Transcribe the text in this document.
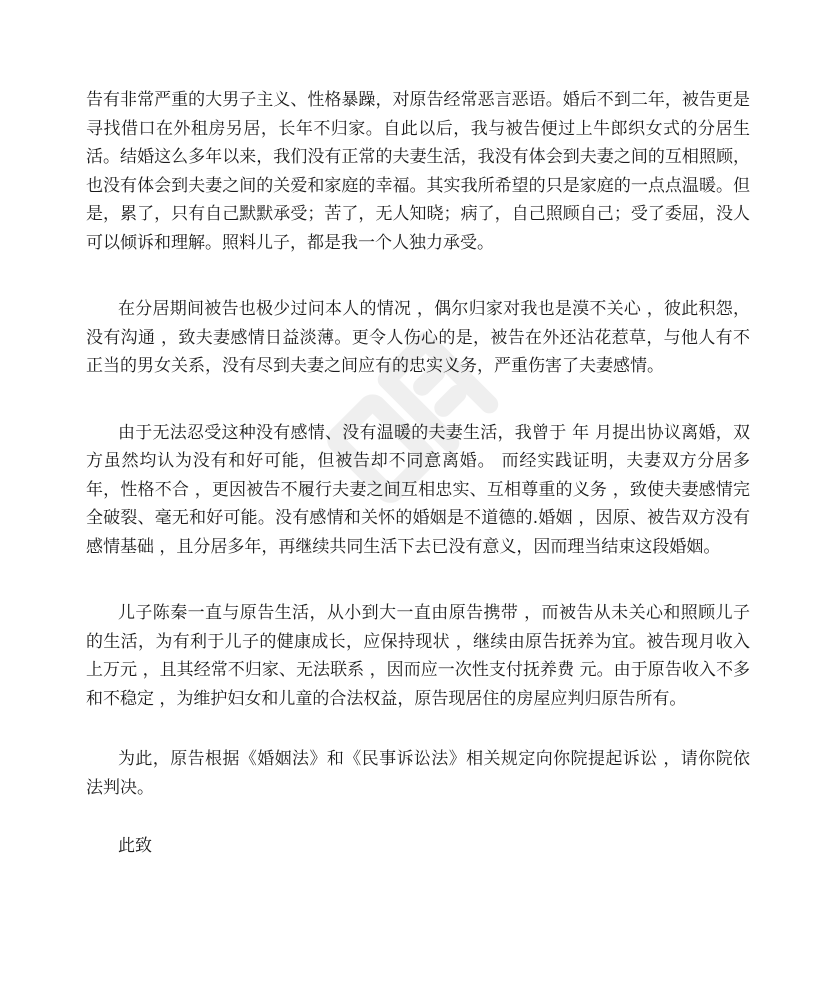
告有非常严重的大男子主义、性格暴躁，对原告经常恶言恶语。婚后不到二年，被告更是寻找借口在外租房另居，长年不归家。自此以后，我与被告便过上牛郎织女式的分居生活。结婚这么多年以来，我们没有正常的夫妻生活，我没有体会到夫妻之间的互相照顾，也没有体会到夫妻之间的关爱和家庭的幸福。其实我所希望的只是家庭的一点点温暖。但是，累了，只有自己默默承受；苦了，无人知晓；病了，自己照顾自己；受了委屈，没人可以倾诉和理解。照料儿子，都是我一个人独力承受。

在分居期间被告也极少过问本人的情况 ，偶尔归家对我也是漠不关心 ，彼此积怨，没有沟通 ，致夫妻感情日益淡薄。更令人伤心的是，被告在外还沾花惹草，与他人有不正当的男女关系，没有尽到夫妻之间应有的忠实义务，严重伤害了夫妻感情。

由于无法忍受这种没有感情、没有温暖的夫妻生活，我曾于 年 月提出协议离婚，双方虽然均认为没有和好可能，但被告却不同意离婚。 而经实践证明，夫妻双方分居多年，性格不合 ，更因被告不履行夫妻之间互相忠实、互相尊重的义务 ，致使夫妻感情完全破裂、毫无和好可能。没有感情和关怀的婚姻是不道德的.婚姻 ，因原、被告双方没有感情基础 ，且分居多年，再继续共同生活下去已没有意义，因而理当结束这段婚姻。

儿子陈秦一直与原告生活，从小到大一直由原告携带 ，而被告从未关心和照顾儿子的生活，为有利于儿子的健康成长，应保持现状 ，继续由原告抚养为宜。被告现月收入上万元 ，且其经常不归家、无法联系 ，因而应一次性支付抚养费 元。由于原告收入不多和不稳定 ，为维护妇女和儿童的合法权益，原告现居住的房屋应判归原告所有。

为此，原告根据《婚姻法》和《民事诉讼法》相关规定向你院提起诉讼 ，请你院依法判决。

此致
